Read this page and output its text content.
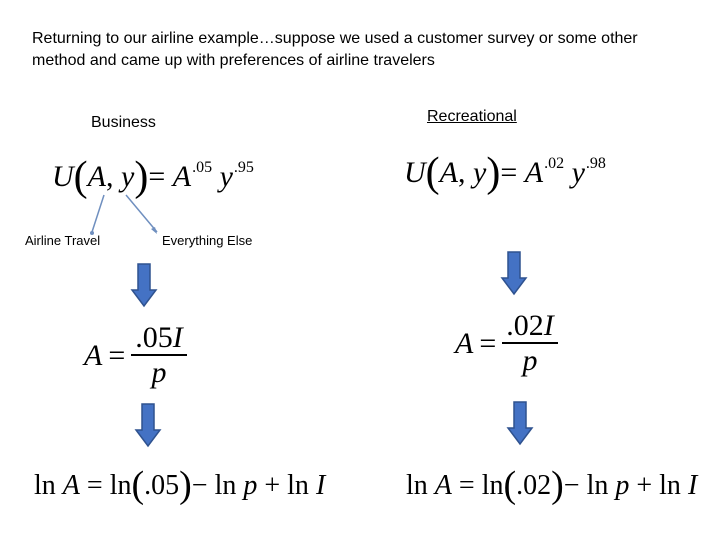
Returning to our airline example…suppose we used a customer survey or some other method and came up with preferences of airline travelers
Business	Recreational
U(A, $y)= A^{.05}$ $y^{.95}$
Airline Travel	Everything Else
U(A, $y)= A^{.02}$ $y^{.98}$
$A = \frac{.05I}{p}$	$A = \frac{.02I}{p}$
ln A = ln(.05)− ln p + ln I	ln A = ln(.02)− ln p + ln I
